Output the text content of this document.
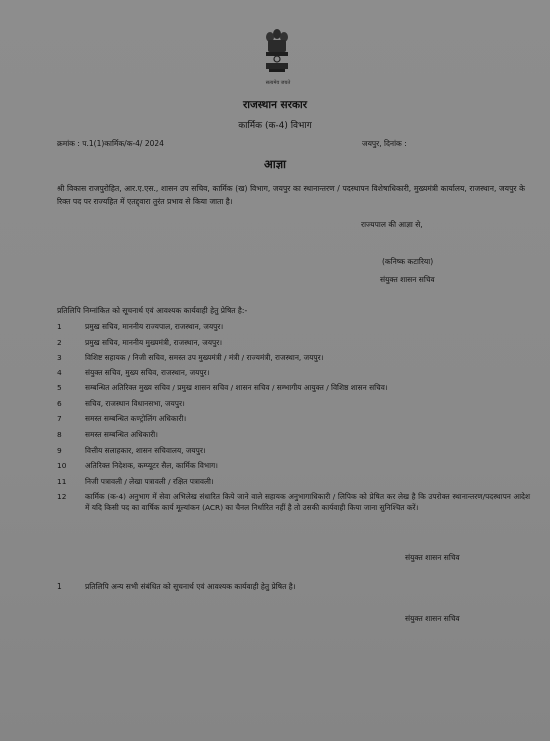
सत्यमेव जयते
राजस्थान सरकार
कार्मिक (क-4) विभाग
क्रमांक : प.1(1)कार्मिक/क-4/ 2024	जयपुर, दिनांक :
आज्ञा
श्री विकास राजपुरोहित, आर.ए.एस., शासन उप सचिव, कार्मिक (ख) विभाग, जयपुर का स्थानान्तरण / पदस्थापन विशेषाधिकारी, मुख्यमंत्री कार्यालय, राजस्थान, जयपुर के रिक्त पद पर राज्यहित में एतद्द्वारा तुरंत प्रभाव से किया जाता है।
राज्यपाल की आज्ञा से,
(कनिष्क कटारिया)
संयुक्त शासन सचिव
प्रतिलिपि निम्नांकित को सूचनार्थ एवं आवश्यक कार्यवाही हेतु प्रेषित है:-
1	प्रमुख सचिव, माननीय राज्यपाल, राजस्थान, जयपुर।
2	प्रमुख सचिव, माननीय मुख्यमंत्री, राजस्थान, जयपुर।
3	विशिष्ट सहायक / निजी सचिव, समस्त उप मुख्यमंत्री / मंत्री / राज्यमंत्री, राजस्थान, जयपुर।
4	संयुक्त सचिव, मुख्य सचिव, राजस्थान, जयपुर।
5	सम्बन्धित अतिरिक्त मुख्य सचिव / प्रमुख शासन सचिव / शासन सचिव / सम्भागीय आयुक्त / विशिष्ठ शासन सचिव।
6	सचिव, राजस्थान विधानसभा, जयपुर।
7	समस्त सम्बन्धित कण्ट्रोलिंग अधिकारी।
8	समस्त सम्बन्धित अधिकारी।
9	वित्तीय सलाहकार, शासन सचिवालय, जयपुर।
10	अतिरिक्त निदेशक, कम्प्यूटर सैल, कार्मिक विभाग।
11	निजी पत्रावली / लेखा पत्रावली / रक्षित पत्रावली।
12	कार्मिक (क-4) अनुभाग में सेवा अभिलेख संधारित किये जाने वाले सहायक अनुभागाधिकारी / लिपिक को प्रेषित कर लेख है कि उपरोक्त स्थानान्तरण/पदस्थापन आदेश में यदि किसी पद का वार्षिक कार्य मूल्यांकन (ACR) का चैनल निर्धारित नहीं है तो उसकी कार्यवाही किया जाना सुनिश्चित करें।
संयुक्त शासन सचिव
1	प्रतिलिपि अन्य सभी संबंधित को सूचनार्थ एवं आवश्यक कार्यवाही हेतु प्रेषित है।
संयुक्त शासन सचिव
